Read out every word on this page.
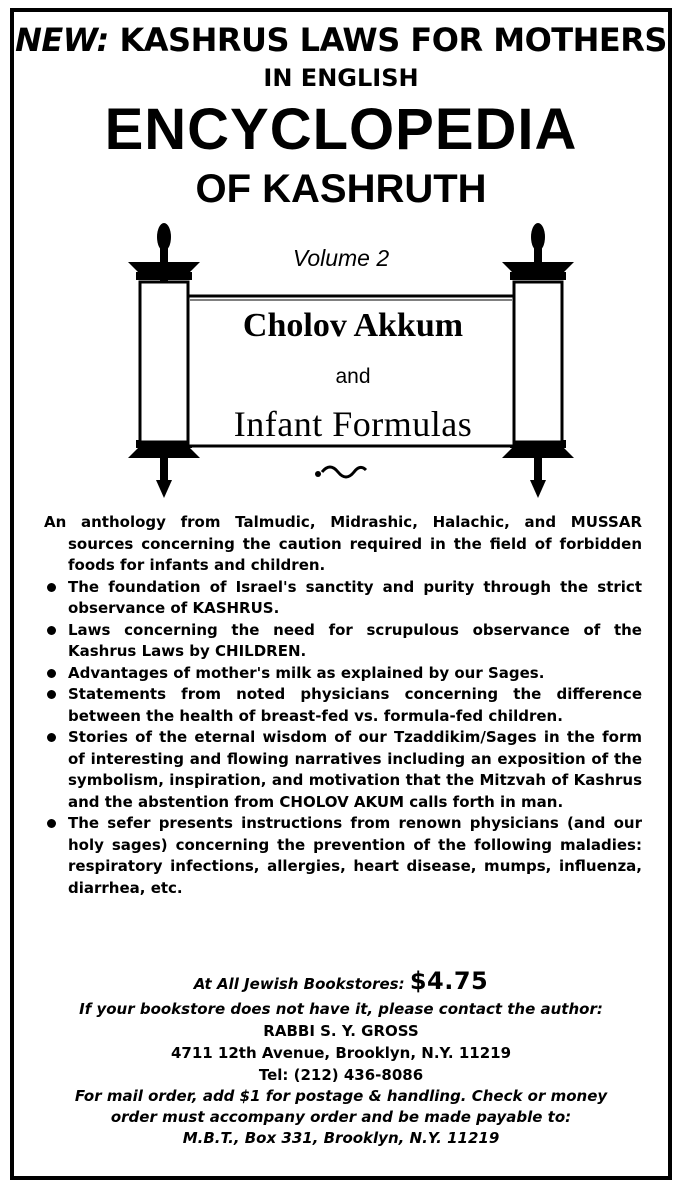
NEW: KASHRUS LAWS FOR MOTHERS
IN ENGLISH
ENCYCLOPEDIA
OF KASHRUTH
Volume 2
Cholov Akkum
and
Infant Formulas

An anthology from Talmudic, Midrashic, Halachic, and MUSSAR sources concerning the caution required in the field of forbidden foods for infants and children.

The foundation of Israel's sanctity and purity through the strict observance of KASHRUS.
Laws concerning the need for scrupulous observance of the Kashrus Laws by CHILDREN.
Advantages of mother's milk as explained by our Sages.
Statements from noted physicians concerning the difference between the health of breast-fed vs. formula-fed children.
Stories of the eternal wisdom of our Tzaddikim/Sages in the form of interesting and flowing narratives including an exposition of the symbolism, inspiration, and motivation that the Mitzvah of Kashrus and the abstention from CHOLOV AKUM calls forth in man.
The sefer presents instructions from renown physicians (and our holy sages) concerning the prevention of the following maladies: respiratory infections, allergies, heart disease, mumps, influenza, diarrhea, etc.
At All Jewish Bookstores: $4.75
If your bookstore does not have it, please contact the author:
RABBI S. Y. GROSS
4711 12th Avenue, Brooklyn, N.Y. 11219
Tel: (212) 436-8086
For mail order, add $1 for postage & handling. Check or money
order must accompany order and be made payable to:
M.B.T., Box 331, Brooklyn, N.Y. 11219
